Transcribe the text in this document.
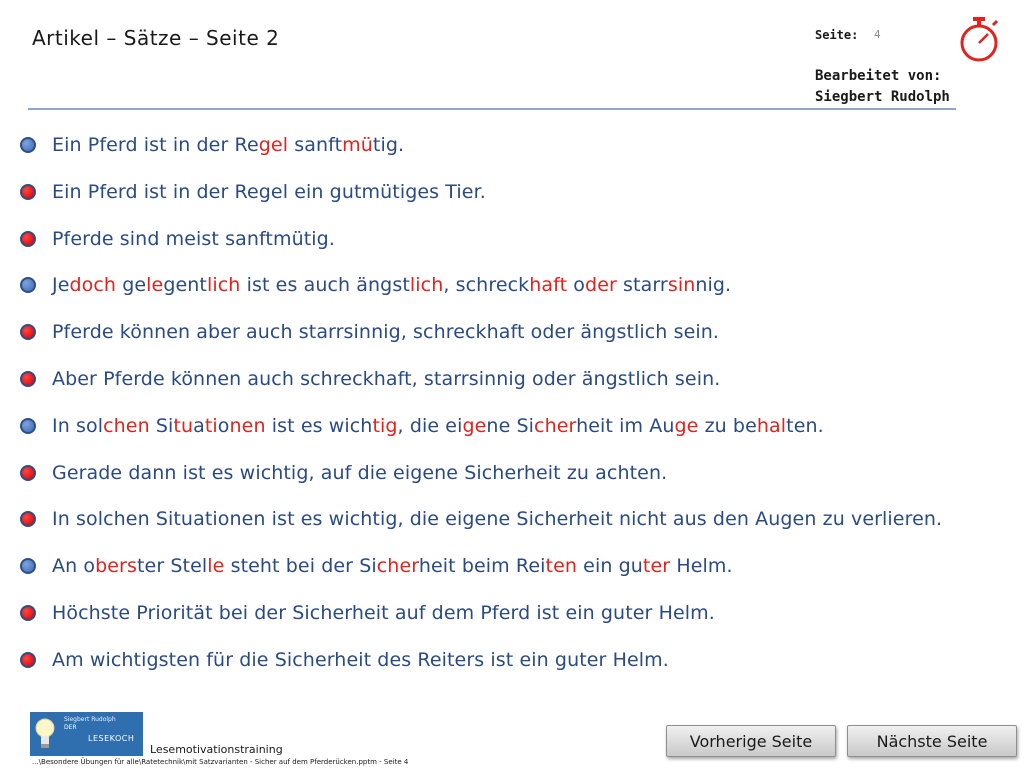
Artikel – Sätze – Seite 2	Seite: 4
Bearbeitet von:
Siegbert Rudolph
Ein Pferd ist in der Regel sanftmütig.
Ein Pferd ist in der Regel ein gutmütiges Tier.
Pferde sind meist sanftmütig.
Jedoch gelegentlich ist es auch ängstlich, schreckhaft oder starrsinnig.
Pferde können aber auch starrsinnig, schreckhaft oder ängstlich sein.
Aber Pferde können auch schreckhaft, starrsinnig oder ängstlich sein.
In solchen Situationen ist es wichtig, die eigene Sicherheit im Auge zu behalten.
Gerade dann ist es wichtig, auf die eigene Sicherheit zu achten.
In solchen Situationen ist es wichtig, die eigene Sicherheit nicht aus den Augen zu verlieren.
An oberster Stelle steht bei der Sicherheit beim Reiten ein guter Helm.
Höchste Priorität bei der Sicherheit auf dem Pferd ist ein guter Helm.
Am wichtigsten für die Sicherheit des Reiters ist ein guter Helm.
Siegbert Rudolph
DER
LESEKOCH
Lesemotivationstraining
...\Besondere Übungen für alle\Ratetechnik\mit Satzvarianten - Sicher auf dem Pferderücken.pptm - Seite 4
Vorherige Seite	Nächste Seite
